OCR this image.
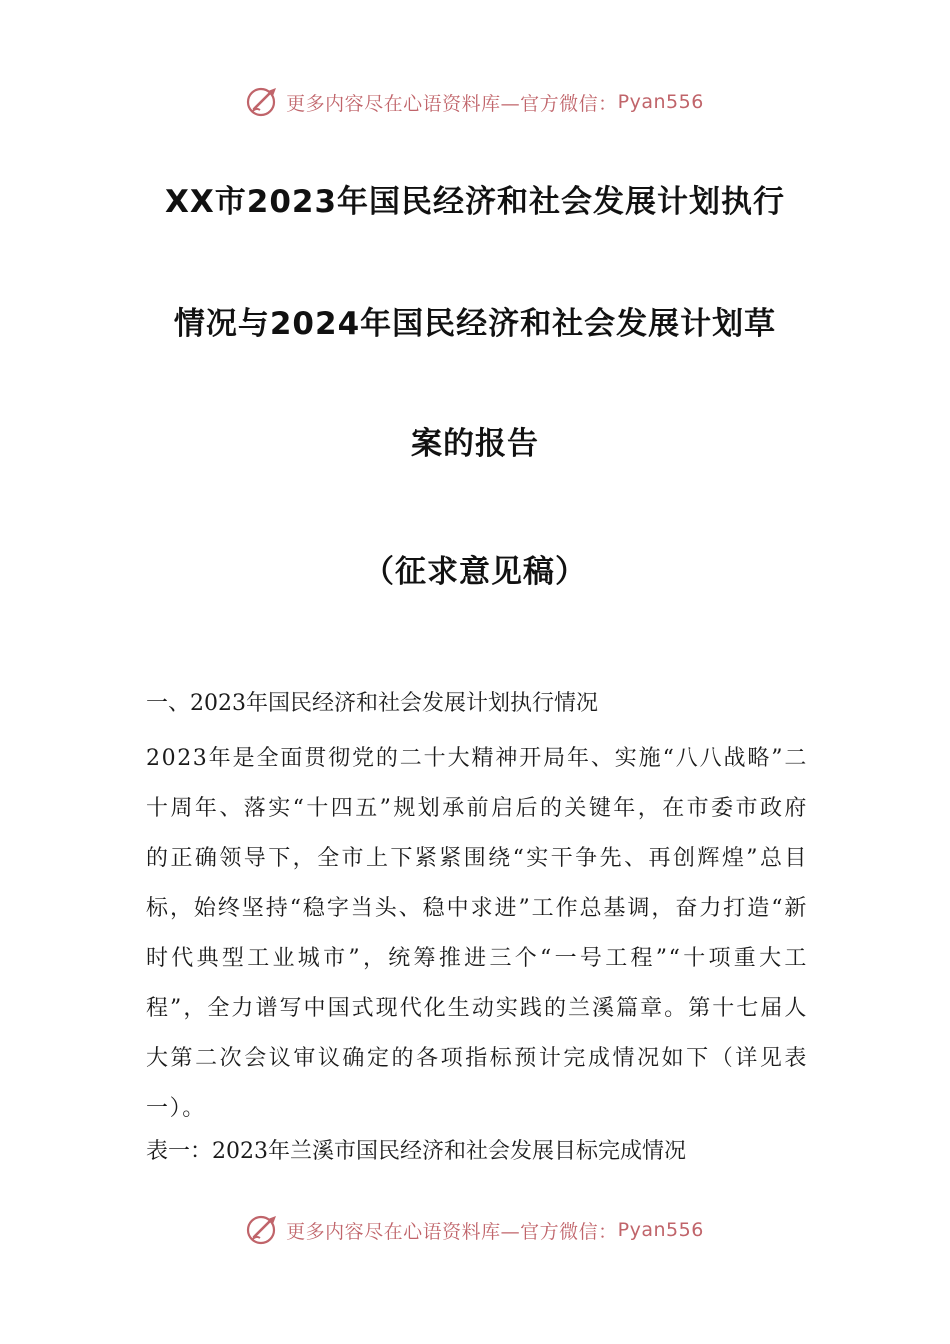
更多内容尽在心语资料库—官方微信： Pyan556
XX市2023年国民经济和社会发展计划执行
情况与2024年国民经济和社会发展计划草
案的报告
（征求意见稿）
一、2023年国民经济和社会发展计划执行情况
2023年是全面贯彻党的二十大精神开局年、实施“八八战略”二十周年、落实“十四五”规划承前启后的关键年，在市委市政府的正确领导下，全市上下紧紧围绕“实干争先、再创辉煌”总目标，始终坚持“稳字当头、稳中求进”工作总基调，奋力打造“新时代典型工业城市”，统筹推进三个“一号工程”“十项重大工程”，全力谱写中国式现代化生动实践的兰溪篇章。第十七届人大第二次会议审议确定的各项指标预计完成情况如下（详见表一）。
表一：2023年兰溪市国民经济和社会发展目标完成情况
更多内容尽在心语资料库—官方微信： Pyan556
